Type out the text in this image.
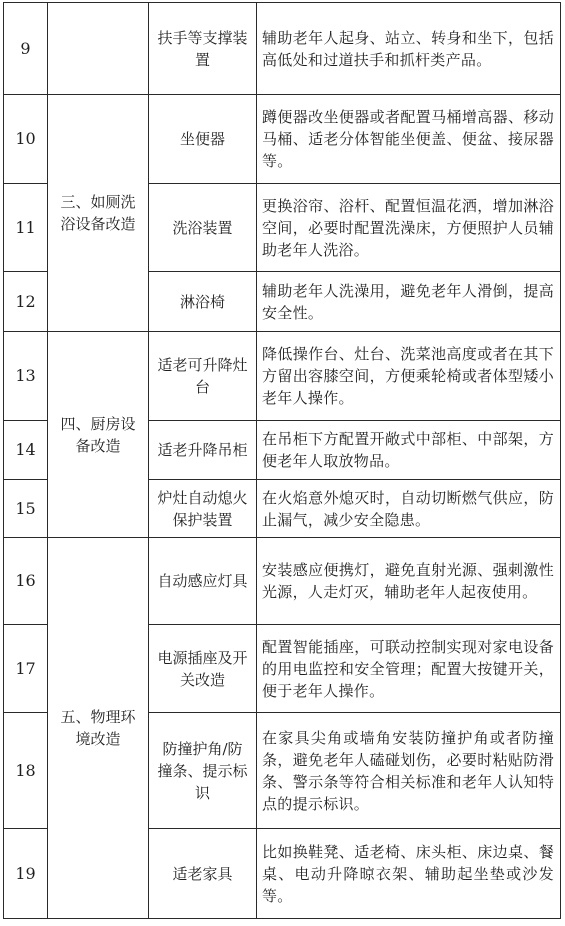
9		扶手等支撑装置	辅助老年人起身、站立、转身和坐下，包括高低处和过道扶手和抓杆类产品。
10	三、如厕洗浴设备改造	坐便器	蹲便器改坐便器或者配置马桶增高器、移动马桶、适老分体智能坐便盖、便盆、接尿器等。
11		洗浴装置	更换浴帘、浴杆、配置恒温花洒，增加淋浴空间，必要时配置洗澡床，方便照护人员辅助老年人洗浴。
12		淋浴椅	辅助老年人洗澡用，避免老年人滑倒，提高安全性。
13	四、厨房设备改造	适老可升降灶台	降低操作台、灶台、洗菜池高度或者在其下方留出容膝空间，方便乘轮椅或者体型矮小老年人操作。
14		适老升降吊柜	在吊柜下方配置开敞式中部柜、中部架，方便老年人取放物品。
15		炉灶自动熄火保护装置	在火焰意外熄灭时，自动切断燃气供应，防止漏气，减少安全隐患。
16	五、物理环境改造	自动感应灯具	安装感应便携灯，避免直射光源、强刺激性光源，人走灯灭，辅助老年人起夜使用。
17		电源插座及开关改造	配置智能插座，可联动控制实现对家电设备的用电监控和安全管理；配置大按键开关，便于老年人操作。
18		防撞护角/防撞条、提示标识	在家具尖角或墙角安装防撞护角或者防撞条，避免老年人磕碰划伤，必要时粘贴防滑条、警示条等符合相关标准和老年人认知特点的提示标识。
19		适老家具	比如换鞋凳、适老椅、床头柜、床边桌、餐桌、电动升降晾衣架、辅助起坐垫或沙发等。
